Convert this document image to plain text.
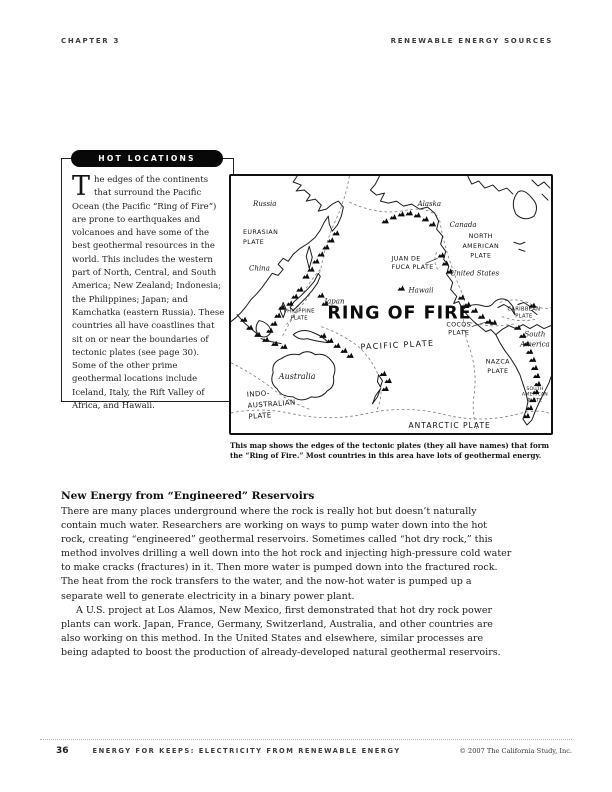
CHAPTER 3	RENEWABLE ENERGY SOURCES
HOT LOCATIONS
The edges of the continents that surround the Pacific Ocean (the Pacific “Ring of Fire”) are prone to earthquakes and volcanoes and have some of the best geothermal resources in the world. This includes the western part of North, Central, and South America; New Zealand; Indonesia; the Philippines; Japan; and Kamchatka (eastern Russia). These countries all have coastlines that sit on or near the boundaries of tectonic plates (see page 30). Some of the other prime geothermal locations include Iceland, Italy, the Rift Valley of Africa, and Hawaii.
Russia
EURASIAN PLATE
China
Japan
Alaska
Canada
NORTH AMERICAN PLATE
JUAN DE FUCA PLATE
United States
CARIBBEAN PLATE
Hawaii
RING OF FIRE
PACIFIC PLATE
PHILIPPINE PLATE
COCOS PLATE
NAZCA PLATE
South America
SOUTH AMERICAN PLATE
Australia
INDO-AUSTRALIANPLATE
ANTARCTIC PLATE
This map shows the edges of the tectonic plates (they all have names) that form the “Ring of Fire.” Most countries in this area have lots of geothermal energy.
New Energy from “Engineered” Reservoirs

There are many places underground where the rock is really hot but doesn’t naturally contain much water. Researchers are working on ways to pump water down into the hot rock, creating “engineered” geothermal reservoirs. Sometimes called “hot dry rock,” this method involves drilling a well down into the hot rock and injecting high-pressure cold water to make cracks (fractures) in it. Then more water is pumped down into the fractured rock. The heat from the rock transfers to the water, and the now-hot water is pumped up a separate well to generate electricity in a binary power plant.

A U.S. project at Los Alamos, New Mexico, first demonstrated that hot dry rock power plants can work. Japan, France, Germany, Switzerland, Australia, and other countries are also working on this method. In the United States and elsewhere, similar processes are being adapted to boost the production of already-developed natural geothermal reservoirs.

36	ENERGY FOR KEEPS: ELECTRICITY FROM RENEWABLE ENERGY	© 2007 The California Study, Inc.
